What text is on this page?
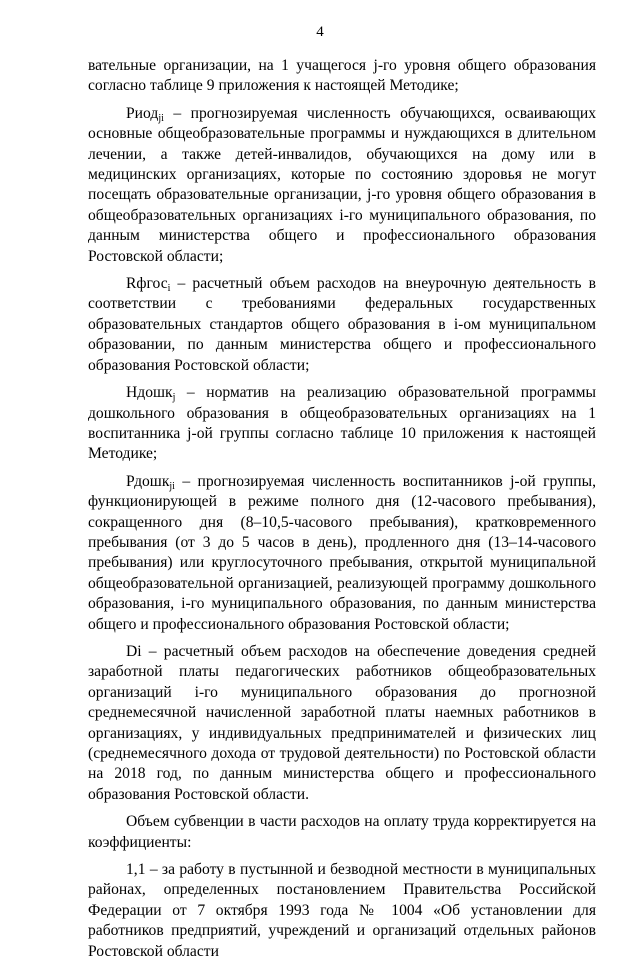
4

вательные организации, на 1 учащегося j-го уровня общего образования согласно таблице 9 приложения к настоящей Методике;

Риод$_{ji}$ – прогнозируемая численность обучающихся, осваивающих основные общеобразовательные программы и нуждающихся в длительном лечении, а также детей-инвалидов, обучающихся на дому или в медицинских организациях, которые по состоянию здоровья не могут посещать образовательные организации, j-го уровня общего образования в общеобразовательных организациях i-го муниципального образования, по данным министерства общего и профессионального образования Ростовской области;

Rфгос$_i$ – расчетный объем расходов на внеурочную деятельность в соответствии с требованиями федеральных государственных образовательных стандартов общего образования в i-ом муниципальном образовании, по данным министерства общего и профессионального образования Ростовской области;

Ндошк$_j$ – норматив на реализацию образовательной программы дошкольного образования в общеобразовательных организациях на 1 воспитанника j-ой группы согласно таблице 10 приложения к настоящей Методике;

Рдошк$_{ji}$ – прогнозируемая численность воспитанников j-ой группы, функционирующей в режиме полного дня (12-часового пребывания), сокращенного дня (8–10,5-часового пребывания), кратковременного пребывания (от 3 до 5 часов в день), продленного дня (13–14-часового пребывания) или круглосуточного пребывания, открытой муниципальной общеобразовательной организацией, реализующей программу дошкольного образования, i-го муниципального образования, по данным министерства общего и профессионального образования Ростовской области;

Di – расчетный объем расходов на обеспечение доведения средней заработной платы педагогических работников общеобразовательных организаций i-го муниципального образования до прогнозной среднемесячной начисленной заработной платы наемных работников в организациях, у индивидуальных предпринимателей и физических лиц (среднемесячного дохода от трудовой деятельности) по Ростовской области на 2018 год, по данным министерства общего и профессионального образования Ростовской области.

Объем субвенции в части расходов на оплату труда корректируется на коэффициенты:

1,1 – за работу в пустынной и безводной местности в муниципальных районах, определенных постановлением Правительства Российской Федерации от 7 октября 1993 года № 1004 «Об установлении для работников предприятий, учреждений и организаций отдельных районов Ростовской области
